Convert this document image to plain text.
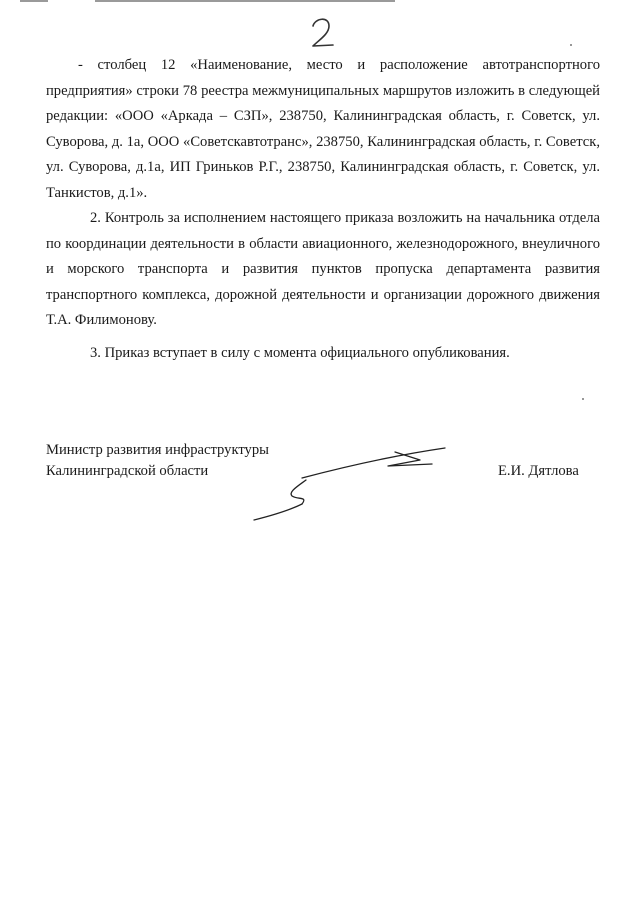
- столбец 12 «Наименование, место и расположение автотранспортного предприятия» строки 78 реестра межмуниципальных маршрутов изложить в следующей редакции: «ООО «Аркада – СЗП», 238750, Калининградская область, г. Советск, ул. Суворова, д. 1а, ООО «Советскавтотранс», 238750, Калининградская область, г. Советск, ул. Суворова, д.1а, ИП Гриньков Р.Г., 238750, Калининградская область, г. Советск, ул. Танкистов, д.1».

2. Контроль за исполнением настоящего приказа возложить на начальника отдела по координации деятельности в области авиационного, железнодорожного, внеуличного и морского транспорта и развития пунктов пропуска департамента развития транспортного комплекса, дорожной деятельности и организации дорожного движения Т.А. Филимонову.

3. Приказ вступает в силу с момента официального опубликования.

Министр развития инфраструктуры
Калининградской области	Е.И. Дятлова
